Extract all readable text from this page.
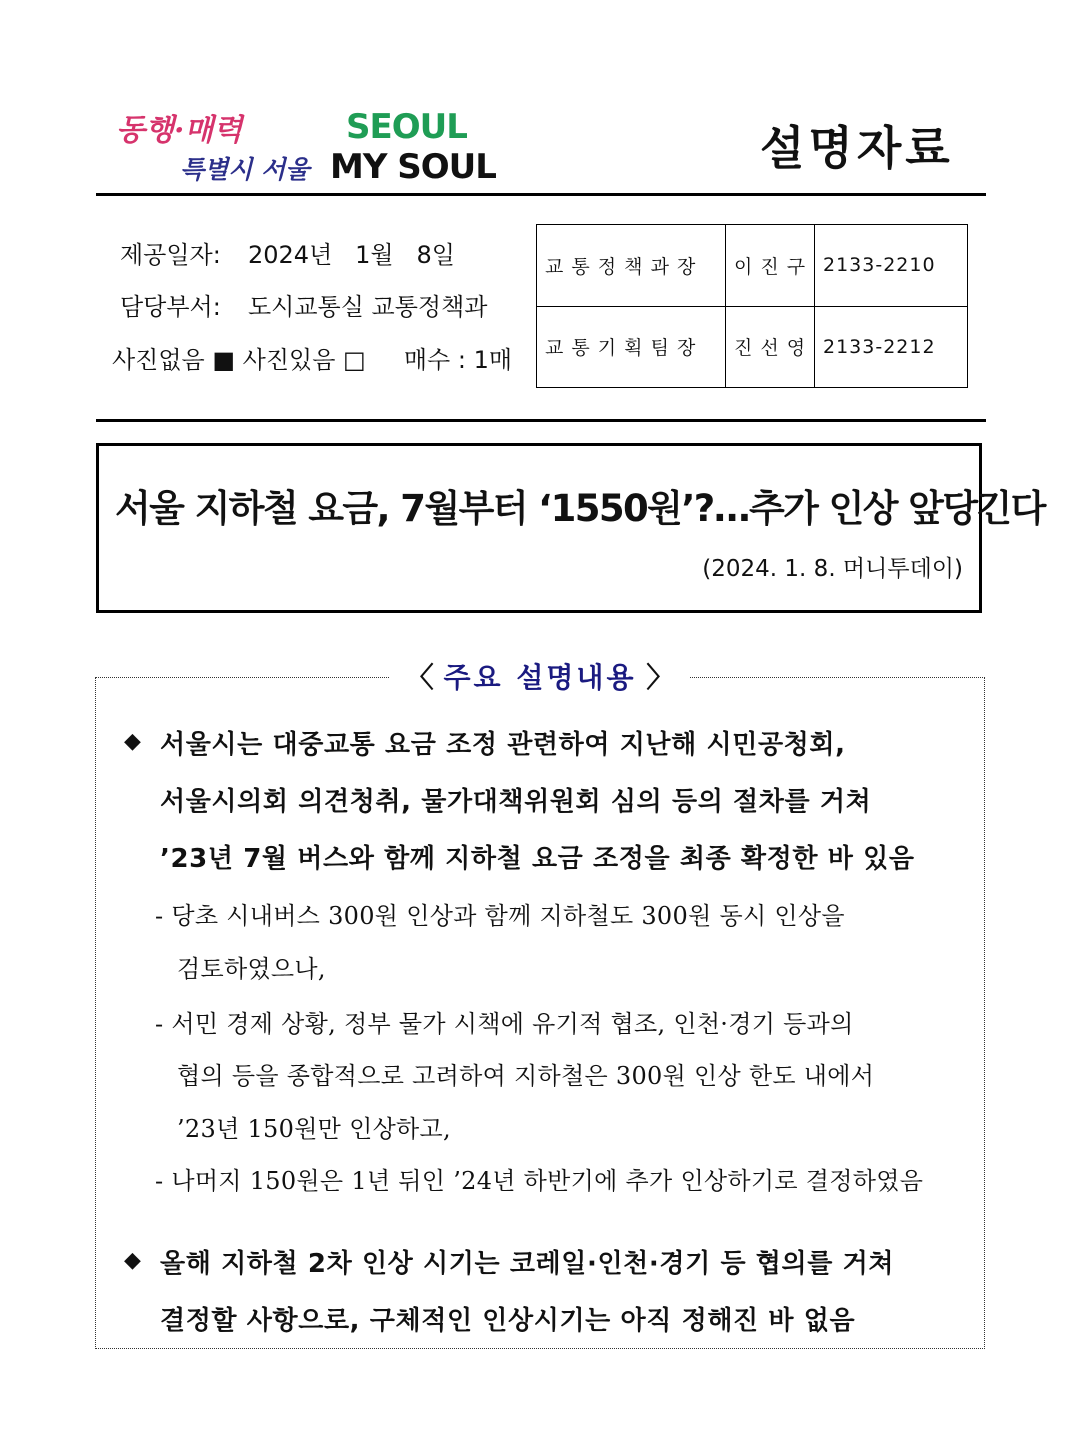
동행·매력
특별시 서울
SEOUL
MY SOUL	설명자료
제공일자: 2024년   1월   8일
담당부서: 도시교통실 교통정책과
사진없음 ■ 사진있음 □     매수 : 1매
교 통 정 책 과 장	이 진 구	2133-2210
교 통 기 획 팀 장	진 선 영	2133-2212
서울 지하철 요금, 7월부터 ‘1550원’?…추가 인상 앞당긴다
(2024. 1. 8. 머니투데이)
〈 주요 설명내용 〉
◆ 서울시는 대중교통 요금 조정 관련하여 지난해 시민공청회,
서울시의회 의견청취, 물가대책위원회 심의 등의 절차를 거쳐
’23년 7월 버스와 함께 지하철 요금 조정을 최종 확정한 바 있음
- 당초 시내버스 300원 인상과 함께 지하철도 300원 동시 인상을
검토하였으나,
- 서민 경제 상황, 정부 물가 시책에 유기적 협조, 인천·경기 등과의
협의 등을 종합적으로 고려하여 지하철은 300원 인상 한도 내에서
’23년 150원만 인상하고,
- 나머지 150원은 1년 뒤인 ’24년 하반기에 추가 인상하기로 결정하였음
◆ 올해 지하철 2차 인상 시기는 코레일·인천·경기 등 협의를 거쳐
결정할 사항으로, 구체적인 인상시기는 아직 정해진 바 없음
